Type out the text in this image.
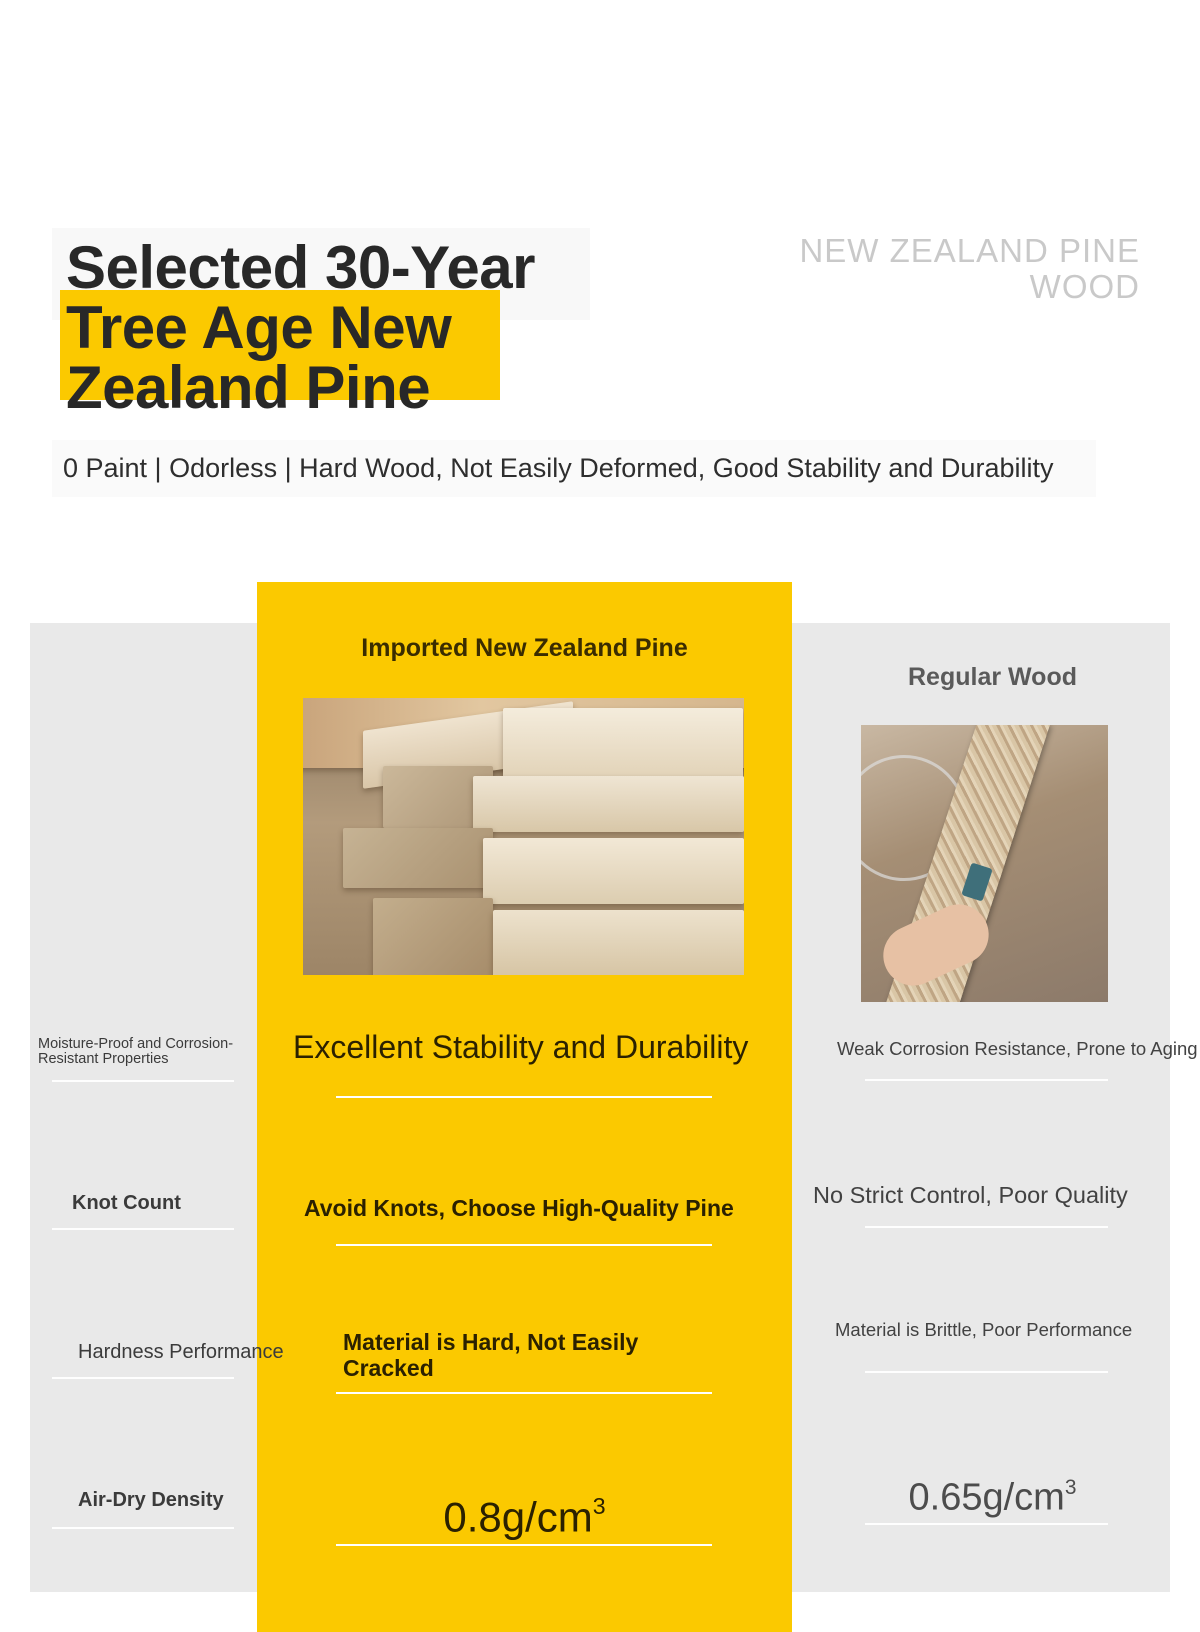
Selected 30-Year Tree Age New Zealand Pine
NEW ZEALAND PINE WOOD
0 Paint | Odorless | Hard Wood, Not Easily Deformed, Good Stability and Durability
Imported New Zealand Pine
Regular Wood
Moisture-Proof and Corrosion-Resistant Properties
Knot Count
Hardness Performance
Air-Dry Density
Excellent Stability and Durability
Avoid Knots, Choose High-Quality Pine
Material is Hard, Not Easily Cracked
$0.8g/cm^3$
Weak Corrosion Resistance, Prone to Aging
No Strict Control, Poor Quality
Material is Brittle, Poor Performance
$0.65g/cm^3$
